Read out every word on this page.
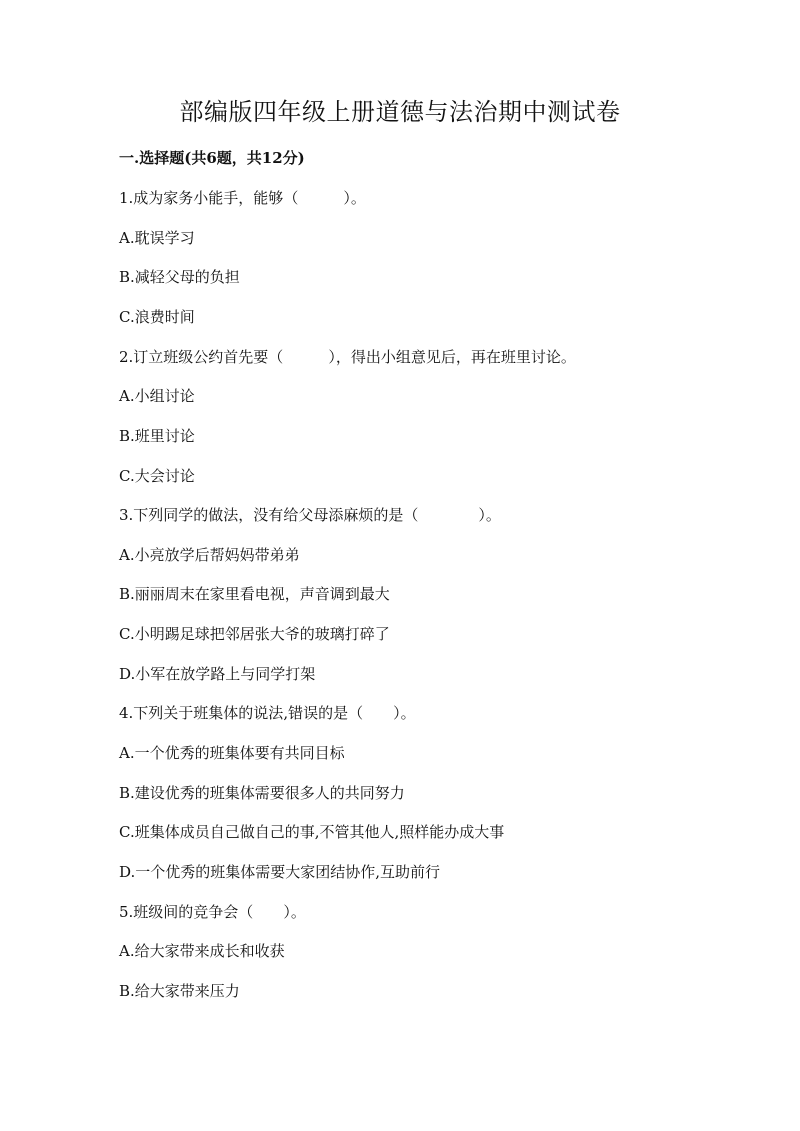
部编版四年级上册道德与法治期中测试卷
一.选择题(共6题，共12分)
1.成为家务小能手，能够（　　　）。
A.耽误学习
B.减轻父母的负担
C.浪费时间
2.订立班级公约首先要（　　　），得出小组意见后，再在班里讨论。
A.小组讨论
B.班里讨论
C.大会讨论
3.下列同学的做法，没有给父母添麻烦的是（　　　　）。
A.小亮放学后帮妈妈带弟弟
B.丽丽周末在家里看电视，声音调到最大
C.小明踢足球把邻居张大爷的玻璃打碎了
D.小军在放学路上与同学打架
4.下列关于班集体的说法,错误的是（　　）。
A.一个优秀的班集体要有共同目标
B.建设优秀的班集体需要很多人的共同努力
C.班集体成员自己做自己的事,不管其他人,照样能办成大事
D.一个优秀的班集体需要大家团结协作,互助前行
5.班级间的竞争会（　　）。
A.给大家带来成长和收获
B.给大家带来压力
